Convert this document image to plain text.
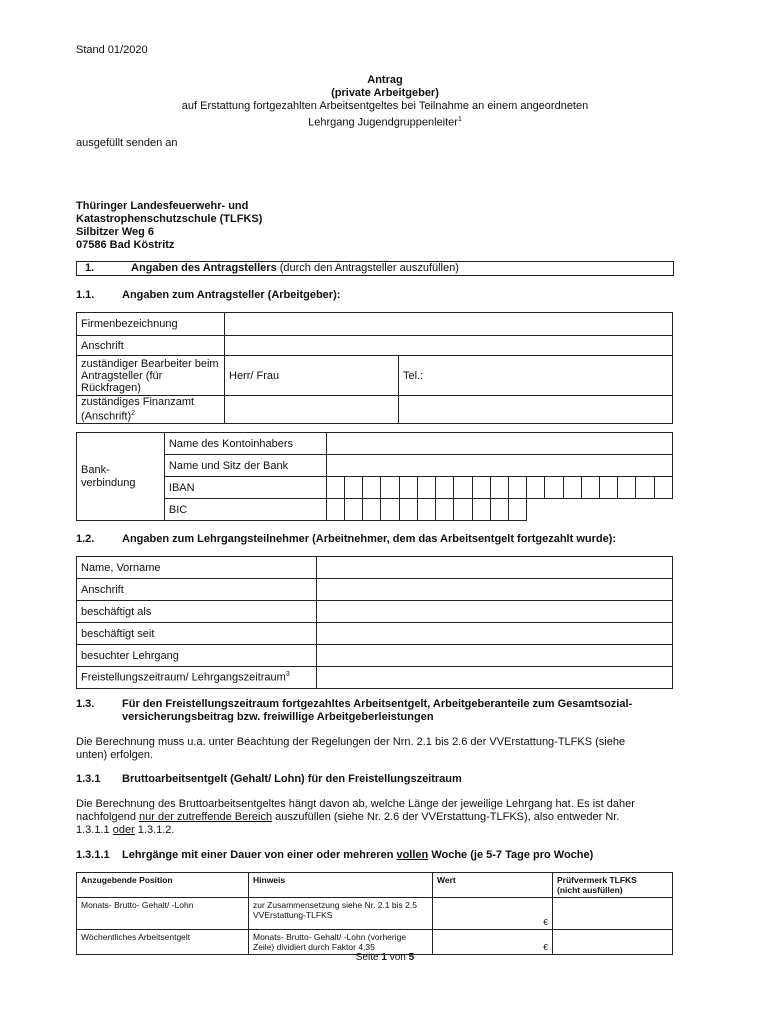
Stand 01/2020
Antrag
(private Arbeitgeber)
auf Erstattung fortgezahlten Arbeitsentgeltes bei Teilnahme an einem angeordneten
Lehrgang Jugendgruppenleiter$^1$
ausgefüllt senden an
Thüringer Landesfeuerwehr- und
Katastrophenschutzschule (TLFKS)
Silbitzer Weg 6
07586 Bad Köstritz
1.	Angaben des Antragstellers (durch den Antragsteller auszufüllen)
1.1.	Angaben zum Antragsteller (Arbeitgeber):
Firmenbezeichnung		
Anschrift		
zuständiger Bearbeiter beim Antragsteller (für Rückfragen)	Herr/ Frau	Tel.:
zuständiges Finanzamt (Anschrift)$^2$		
Bank-
verbindung	Name des Kontoinhabers																			
	Name und Sitz der Bank																			
	IBAN																			
	BIC																			
1.2.	Angaben zum Lehrgangsteilnehmer (Arbeitnehmer, dem das Arbeitsentgelt fortgezahlt wurde):
Name, Vorname	
Anschrift	
beschäftigt als	
beschäftigt seit	
besuchter Lehrgang	
Freistellungszeitraum/ Lehrgangszeitraum$^3$	
1.3.	Für den Freistellungszeitraum fortgezahltes Arbeitsentgelt, Arbeitgeberanteile zum Gesamtsozial-
versicherungsbeitrag bzw. freiwillige Arbeitgeberleistungen
Die Berechnung muss u.a. unter Beachtung der Regelungen der Nrn. 2.1 bis 2.6 der VVErstattung-TLFKS (siehe
unten) erfolgen.
1.3.1 Bruttoarbeitsentgelt (Gehalt/ Lohn) für den Freistellungszeitraum
Die Berechnung des Bruttoarbeitsentgeltes hängt davon ab, welche Länge der jeweilige Lehrgang hat. Es ist daher
nachfolgend nur der zutreffende Bereich auszufüllen (siehe Nr. 2.6 der VVErstattung-TLFKS), also entweder Nr.
1.3.1.1 oder 1.3.1.2.
1.3.1.1 Lehrgänge mit einer Dauer von einer oder mehreren vollen Woche (je 5-7 Tage pro Woche)
Anzugebende Position	Hinweis	Wert	Prüfvermerk TLFKS
(nicht ausfüllen)

Monats- Brutto- Gehalt/ -Lohn	zur Zusammensetzung siehe Nr. 2.1 bis 2.5 VVErstattung-TLFKS	€	
Wöchentliches Arbeitsentgelt	Monats- Brutto- Gehalt/ -Lohn (vorherige Zeile) dividiert durch Faktor 4,35	€	
Seite 1 von 5
